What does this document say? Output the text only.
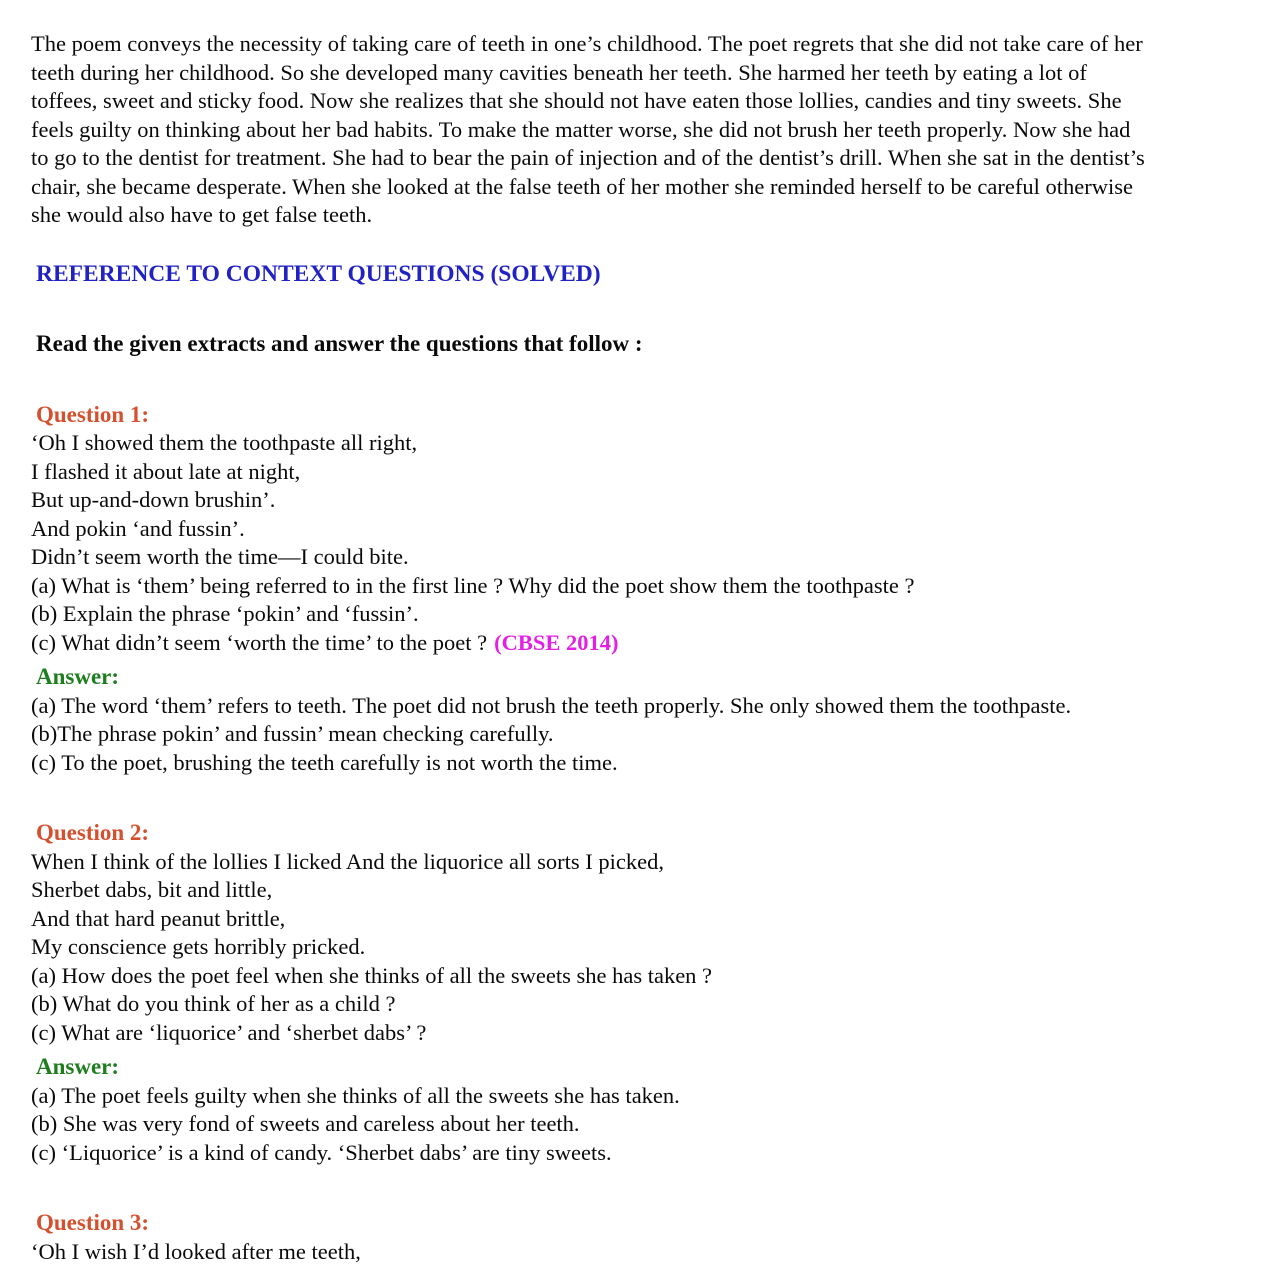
The poem conveys the necessity of taking care of teeth in one’s childhood. The poet regrets that she did not take care of her
teeth during her childhood. So she developed many cavities beneath her teeth. She harmed her teeth by eating a lot of
toffees, sweet and sticky food. Now she realizes that she should not have eaten those lollies, candies and tiny sweets. She
feels guilty on thinking about her bad habits. To make the matter worse, she did not brush her teeth properly. Now she had
to go to the dentist for treatment. She had to bear the pain of injection and of the dentist’s drill. When she sat in the dentist’s
chair, she became desperate. When she looked at the false teeth of her mother she reminded herself to be careful otherwise
she would also have to get false teeth.
REFERENCE TO CONTEXT QUESTIONS (SOLVED)
Read the given extracts and answer the questions that follow :
Question 1:
‘Oh I showed them the toothpaste all right,
I flashed it about late at night,
But up-and-down brushin’.
And pokin ‘and fussin’.
Didn’t seem worth the time—I could bite.
(a) What is ‘them’ being referred to in the first line ? Why did the poet show them the toothpaste ?
(b) Explain the phrase ‘pokin’ and ‘fussin’.
(c) What didn’t seem ‘worth the time’ to the poet ? (CBSE 2014)
Answer:
(a) The word ‘them’ refers to teeth. The poet did not brush the teeth properly. She only showed them the toothpaste.
(b)The phrase pokin’ and fussin’ mean checking carefully.
(c) To the poet, brushing the teeth carefully is not worth the time.
Question 2:
When I think of the lollies I licked And the liquorice all sorts I picked,
Sherbet dabs, bit and little,
And that hard peanut brittle,
My conscience gets horribly pricked.
(a) How does the poet feel when she thinks of all the sweets she has taken ?
(b) What do you think of her as a child ?
(c) What are ‘liquorice’ and ‘sherbet dabs’ ?
Answer:
(a) The poet feels guilty when she thinks of all the sweets she has taken.
(b) She was very fond of sweets and careless about her teeth.
(c) ‘Liquorice’ is a kind of candy. ‘Sherbet dabs’ are tiny sweets.
Question 3:
‘Oh I wish I’d looked after me teeth,
